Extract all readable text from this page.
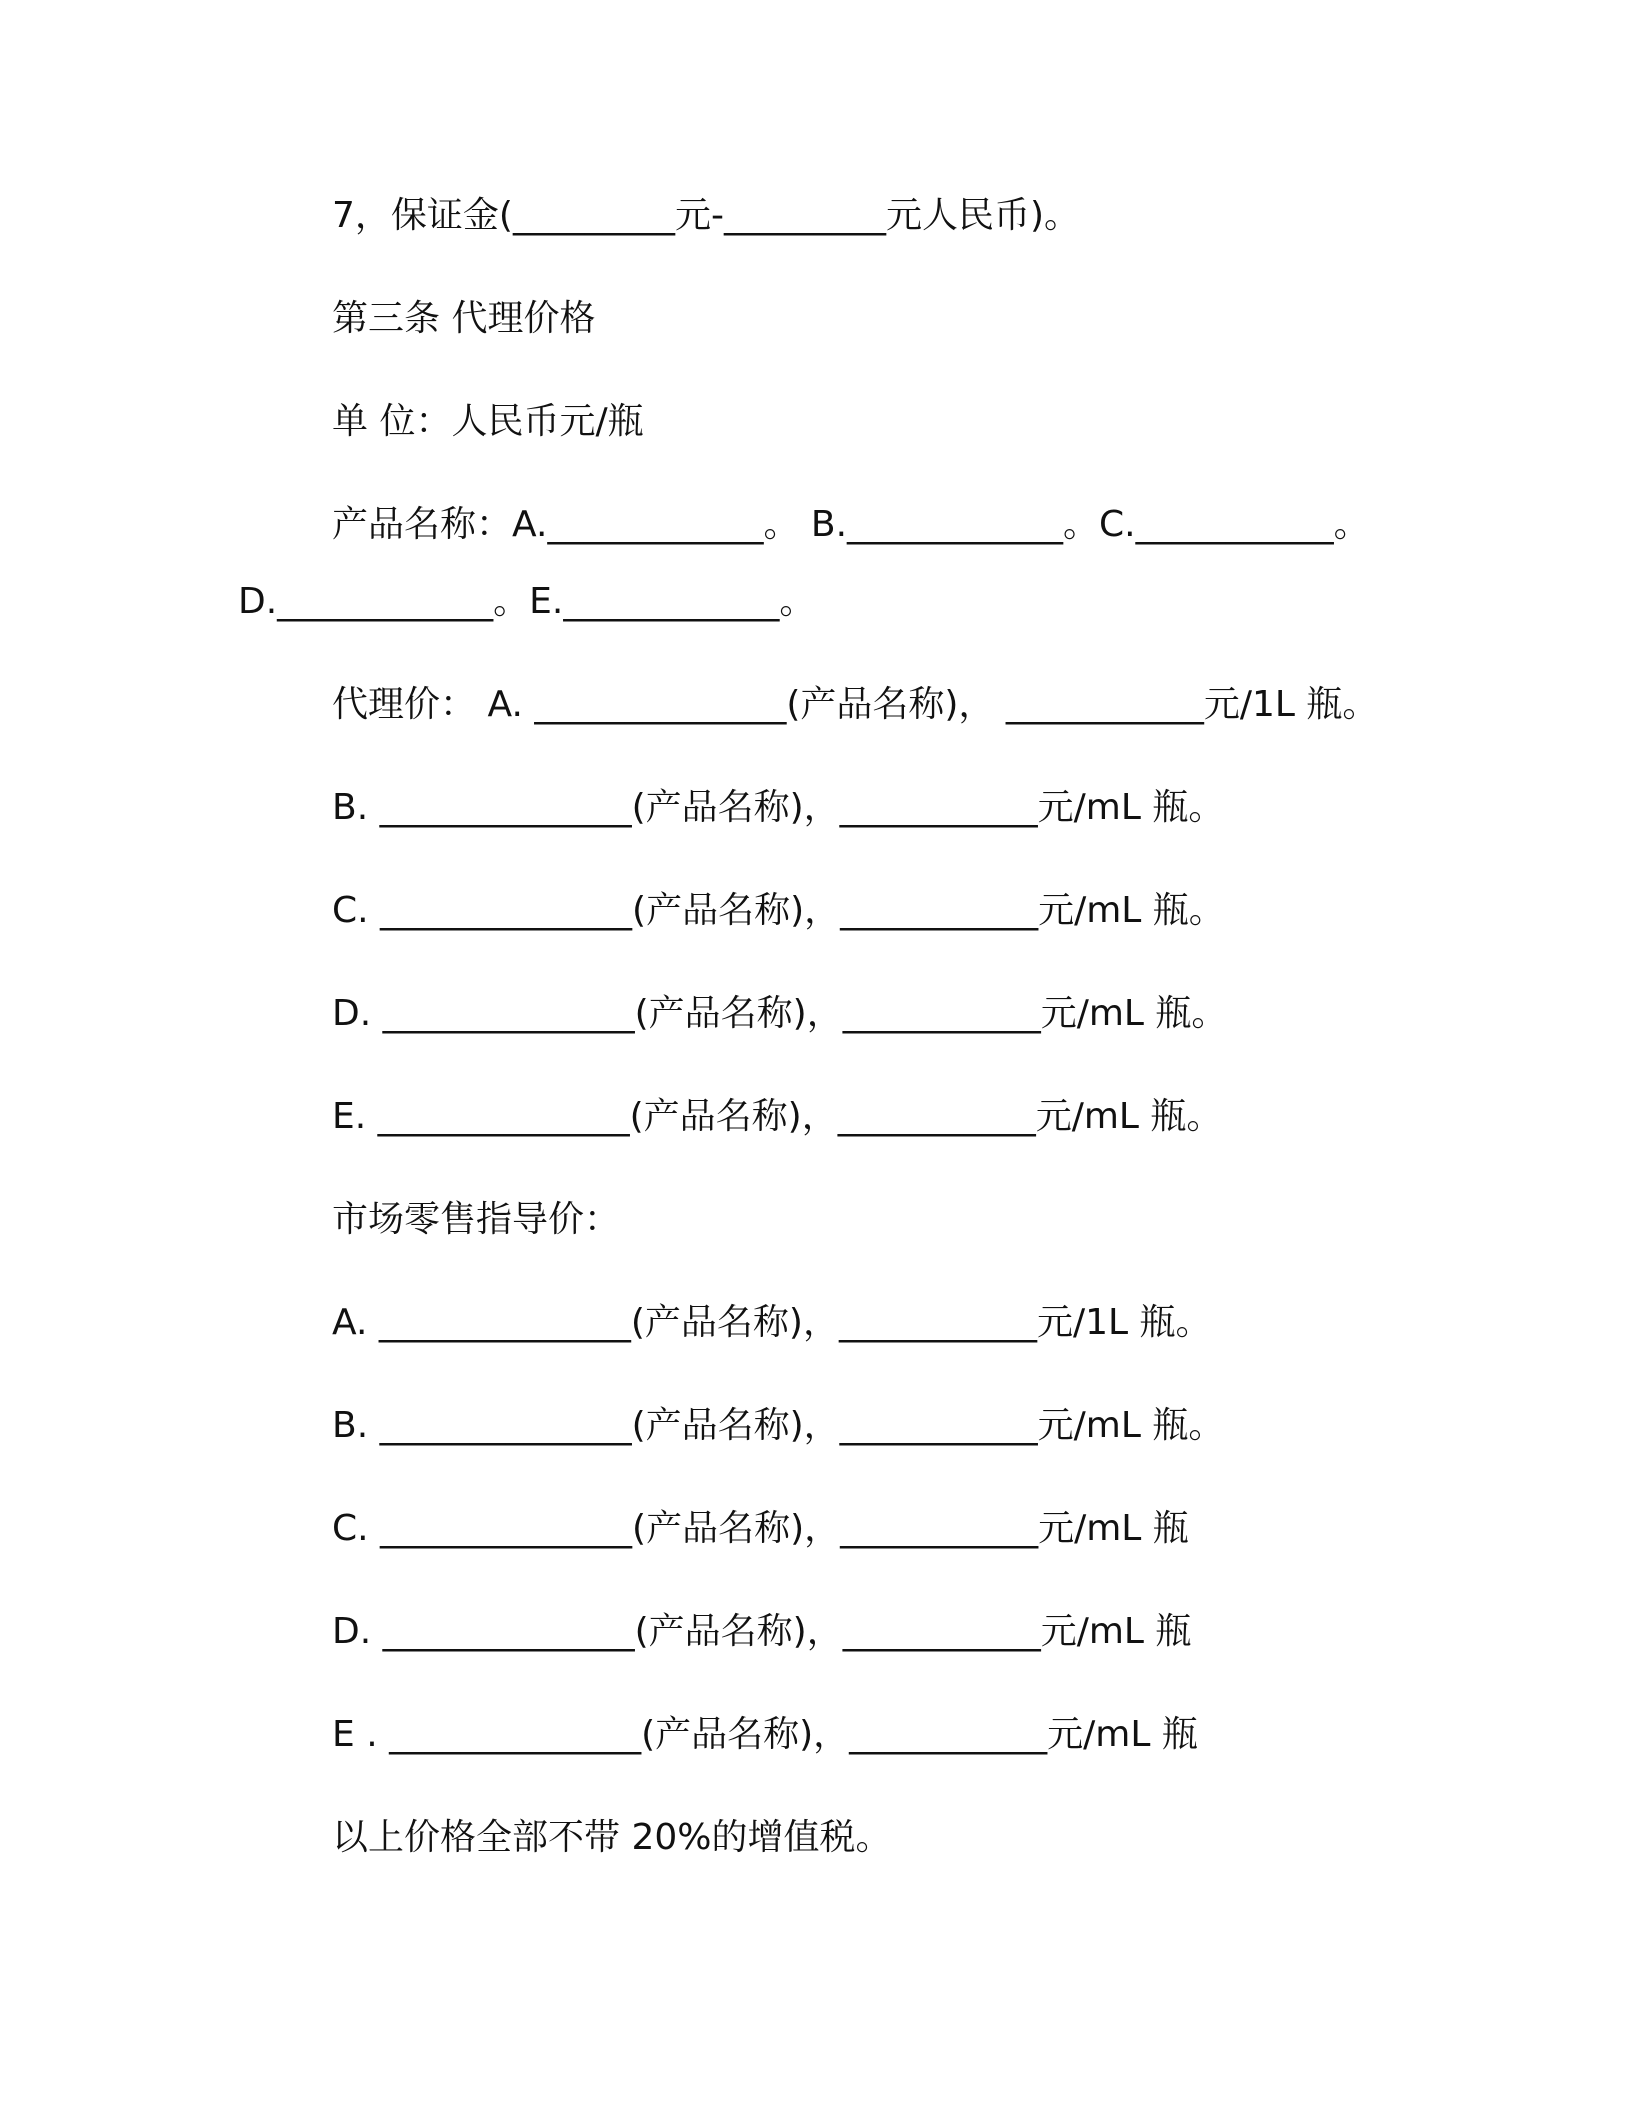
7，保证金(_________元-_________元人民币)。
第三条 代理价格
单 位：人民币元/瓶
产品名称：A.____________。 B.____________。C.___________。
D.____________。E.____________。
代理价： A. ______________(产品名称)， ___________元/1L 瓶。
B. ______________(产品名称)，___________元/mL 瓶。
C. ______________(产品名称)，___________元/mL 瓶。
D. ______________(产品名称)，___________元/mL 瓶。
E. ______________(产品名称)，___________元/mL 瓶。
市场零售指导价：
A. ______________(产品名称)，___________元/1L 瓶。
B. ______________(产品名称)，___________元/mL 瓶。
C. ______________(产品名称)，___________元/mL 瓶
D. ______________(产品名称)，___________元/mL 瓶
E . ______________(产品名称)，___________元/mL 瓶
以上价格全部不带 20%的增值税。
